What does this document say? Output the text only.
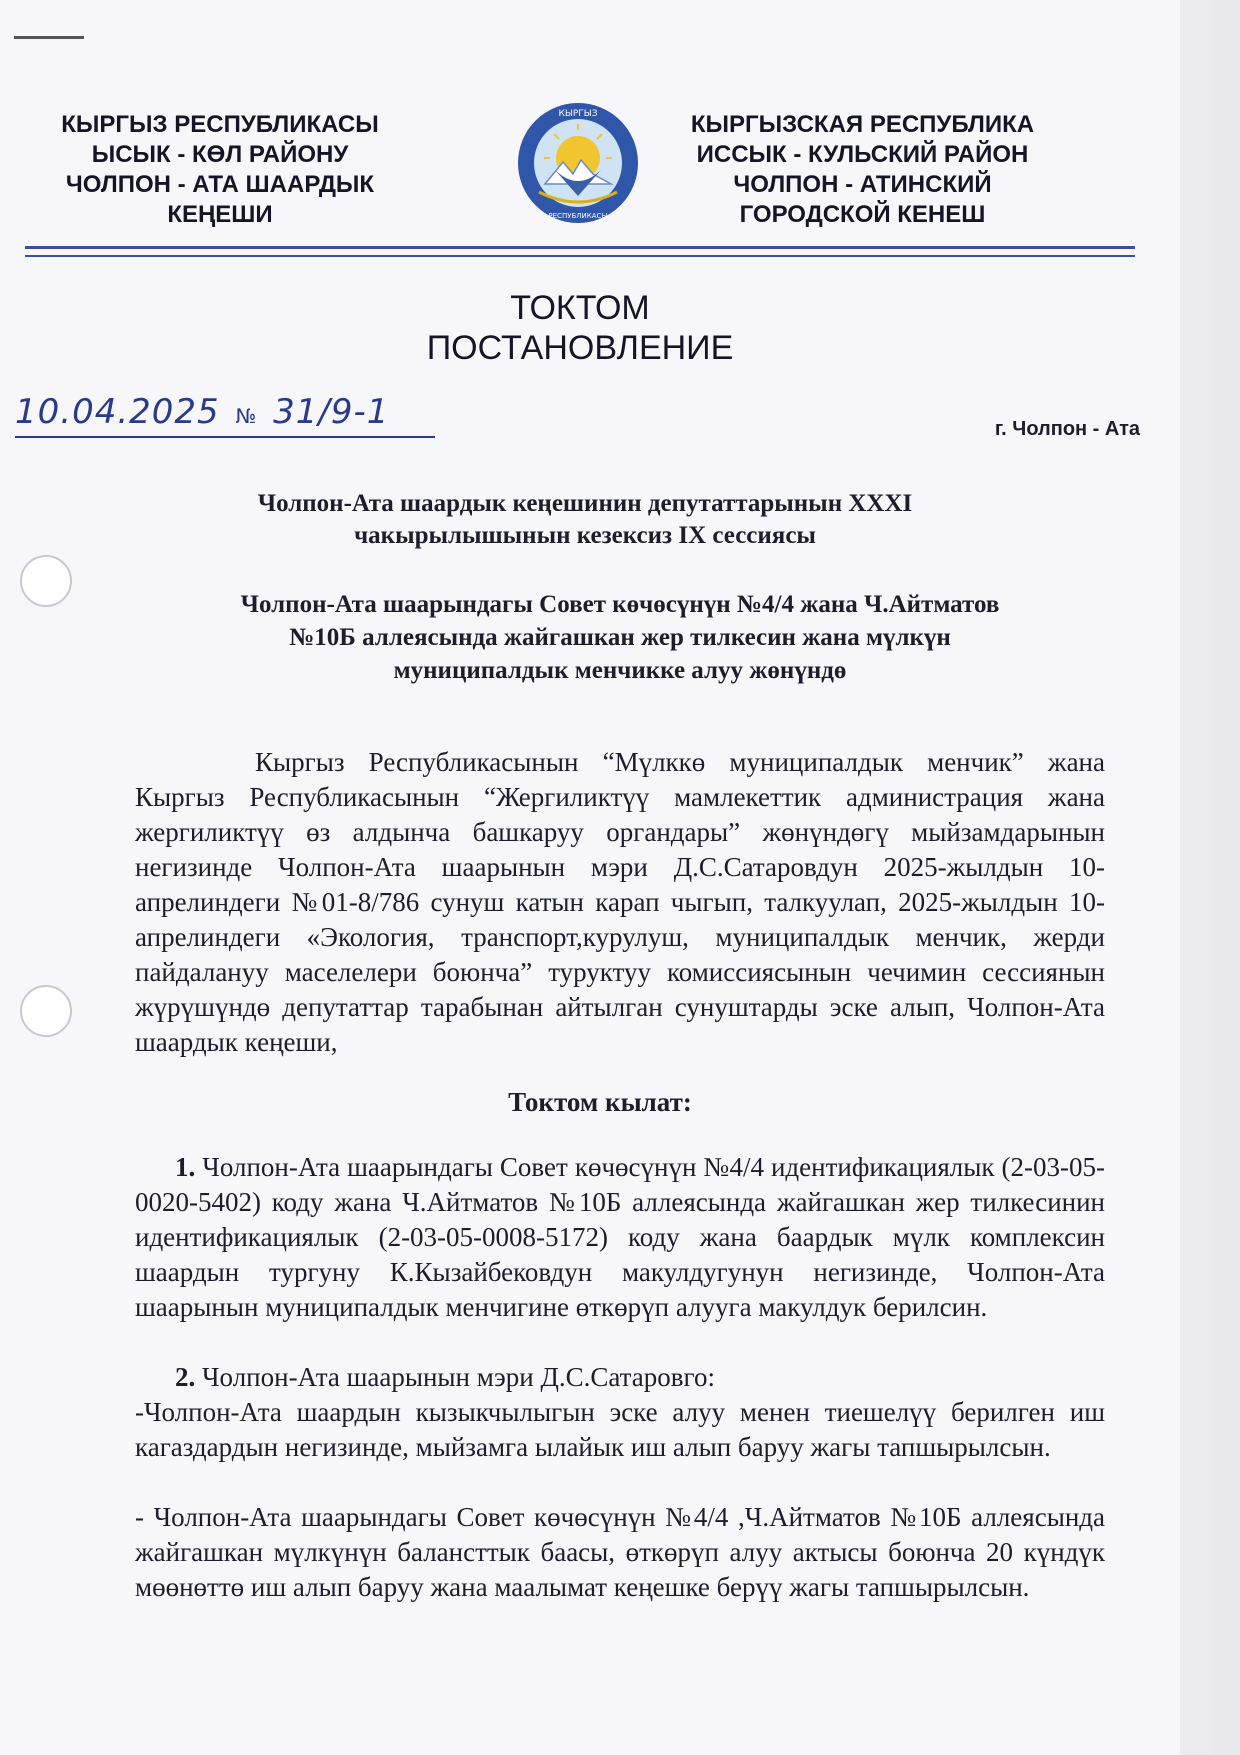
КЫРГЫЗ РЕСПУБЛИКАСЫ
ЫСЫК - КӨЛ РАЙОНУ
ЧОЛПОН - АТА ШААРДЫК
КЕҢЕШИ
КЫРГЫЗ
РЕСПУБЛИКАСЫ
КЫРГЫЗСКАЯ РЕСПУБЛИКА
ИССЫК - КУЛЬСКИЙ РАЙОН
ЧОЛПОН - АТИНСКИЙ
ГОРОДСКОЙ КЕНЕШ
ТОКТОМ
ПОСТАНОВЛЕНИЕ
10.04.2025 № 31/9-1	г. Чолпон - Ата
Чолпон-Ата шаардык кеңешинин депутаттарынын XXXI
чакырылышынын кезексиз IX сессиясы
Чолпон-Ата шаарындагы Совет көчөсүнүн №4/4 жана Ч.Айтматов
№10Б аллеясында жайгашкан жер тилкесин жана мүлкүн
муниципалдык менчикке алуу жөнүндө
Кыргыз Республикасынын “Мүлккө муниципалдык менчик” жана Кыргыз Республикасынын “Жергиликтүү мамлекеттик администрация жана жергиликтүү өз алдынча башкаруу органдары” жөнүндөгү мыйзамдарынын негизинде Чолпон-Ата шаарынын мэри Д.С.Сатаровдун 2025-жылдын 10-апрелиндеги №01-8/786 сунуш катын карап чыгып, талкуулап, 2025-жылдын 10-апрелиндеги «Экология, транспорт,курулуш, муниципалдык менчик, жерди пайдалануу маселелери боюнча” туруктуу комиссиясынын чечимин сессиянын жүрүшүндө депутаттар тарабынан айтылган сунуштарды эске алып, Чолпон-Ата шаардык кеңеши,
Токтом кылат:
1. Чолпон-Ата шаарындагы Совет көчөсүнүн №4/4 идентификациялык (2-03-05-0020-5402) коду жана Ч.Айтматов №10Б аллеясында жайгашкан жер тилкесинин идентификациялык (2-03-05-0008-5172) коду жана баардык мүлк комплексин шаардын тургуну К.Кызайбековдун макулдугунун негизинде, Чолпон-Ата шаарынын муниципалдык менчигине өткөрүп алууга макулдук берилсин.
2. Чолпон-Ата шаарынын мэри Д.С.Сатаровго:
-Чолпон-Ата шаардын кызыкчылыгын эске алуу менен тиешелүү берилген иш кагаздардын негизинде, мыйзамга ылайык иш алып баруу жагы тапшырылсын.
- Чолпон-Ата шаарындагы Совет көчөсүнүн №4/4 ,Ч.Айтматов №10Б аллеясында жайгашкан мүлкүнүн балансттык баасы, өткөрүп алуу актысы боюнча 20 күндүк мөөнөттө иш алып баруу жана маалымат кеңешке берүү жагы тапшырылсын.
